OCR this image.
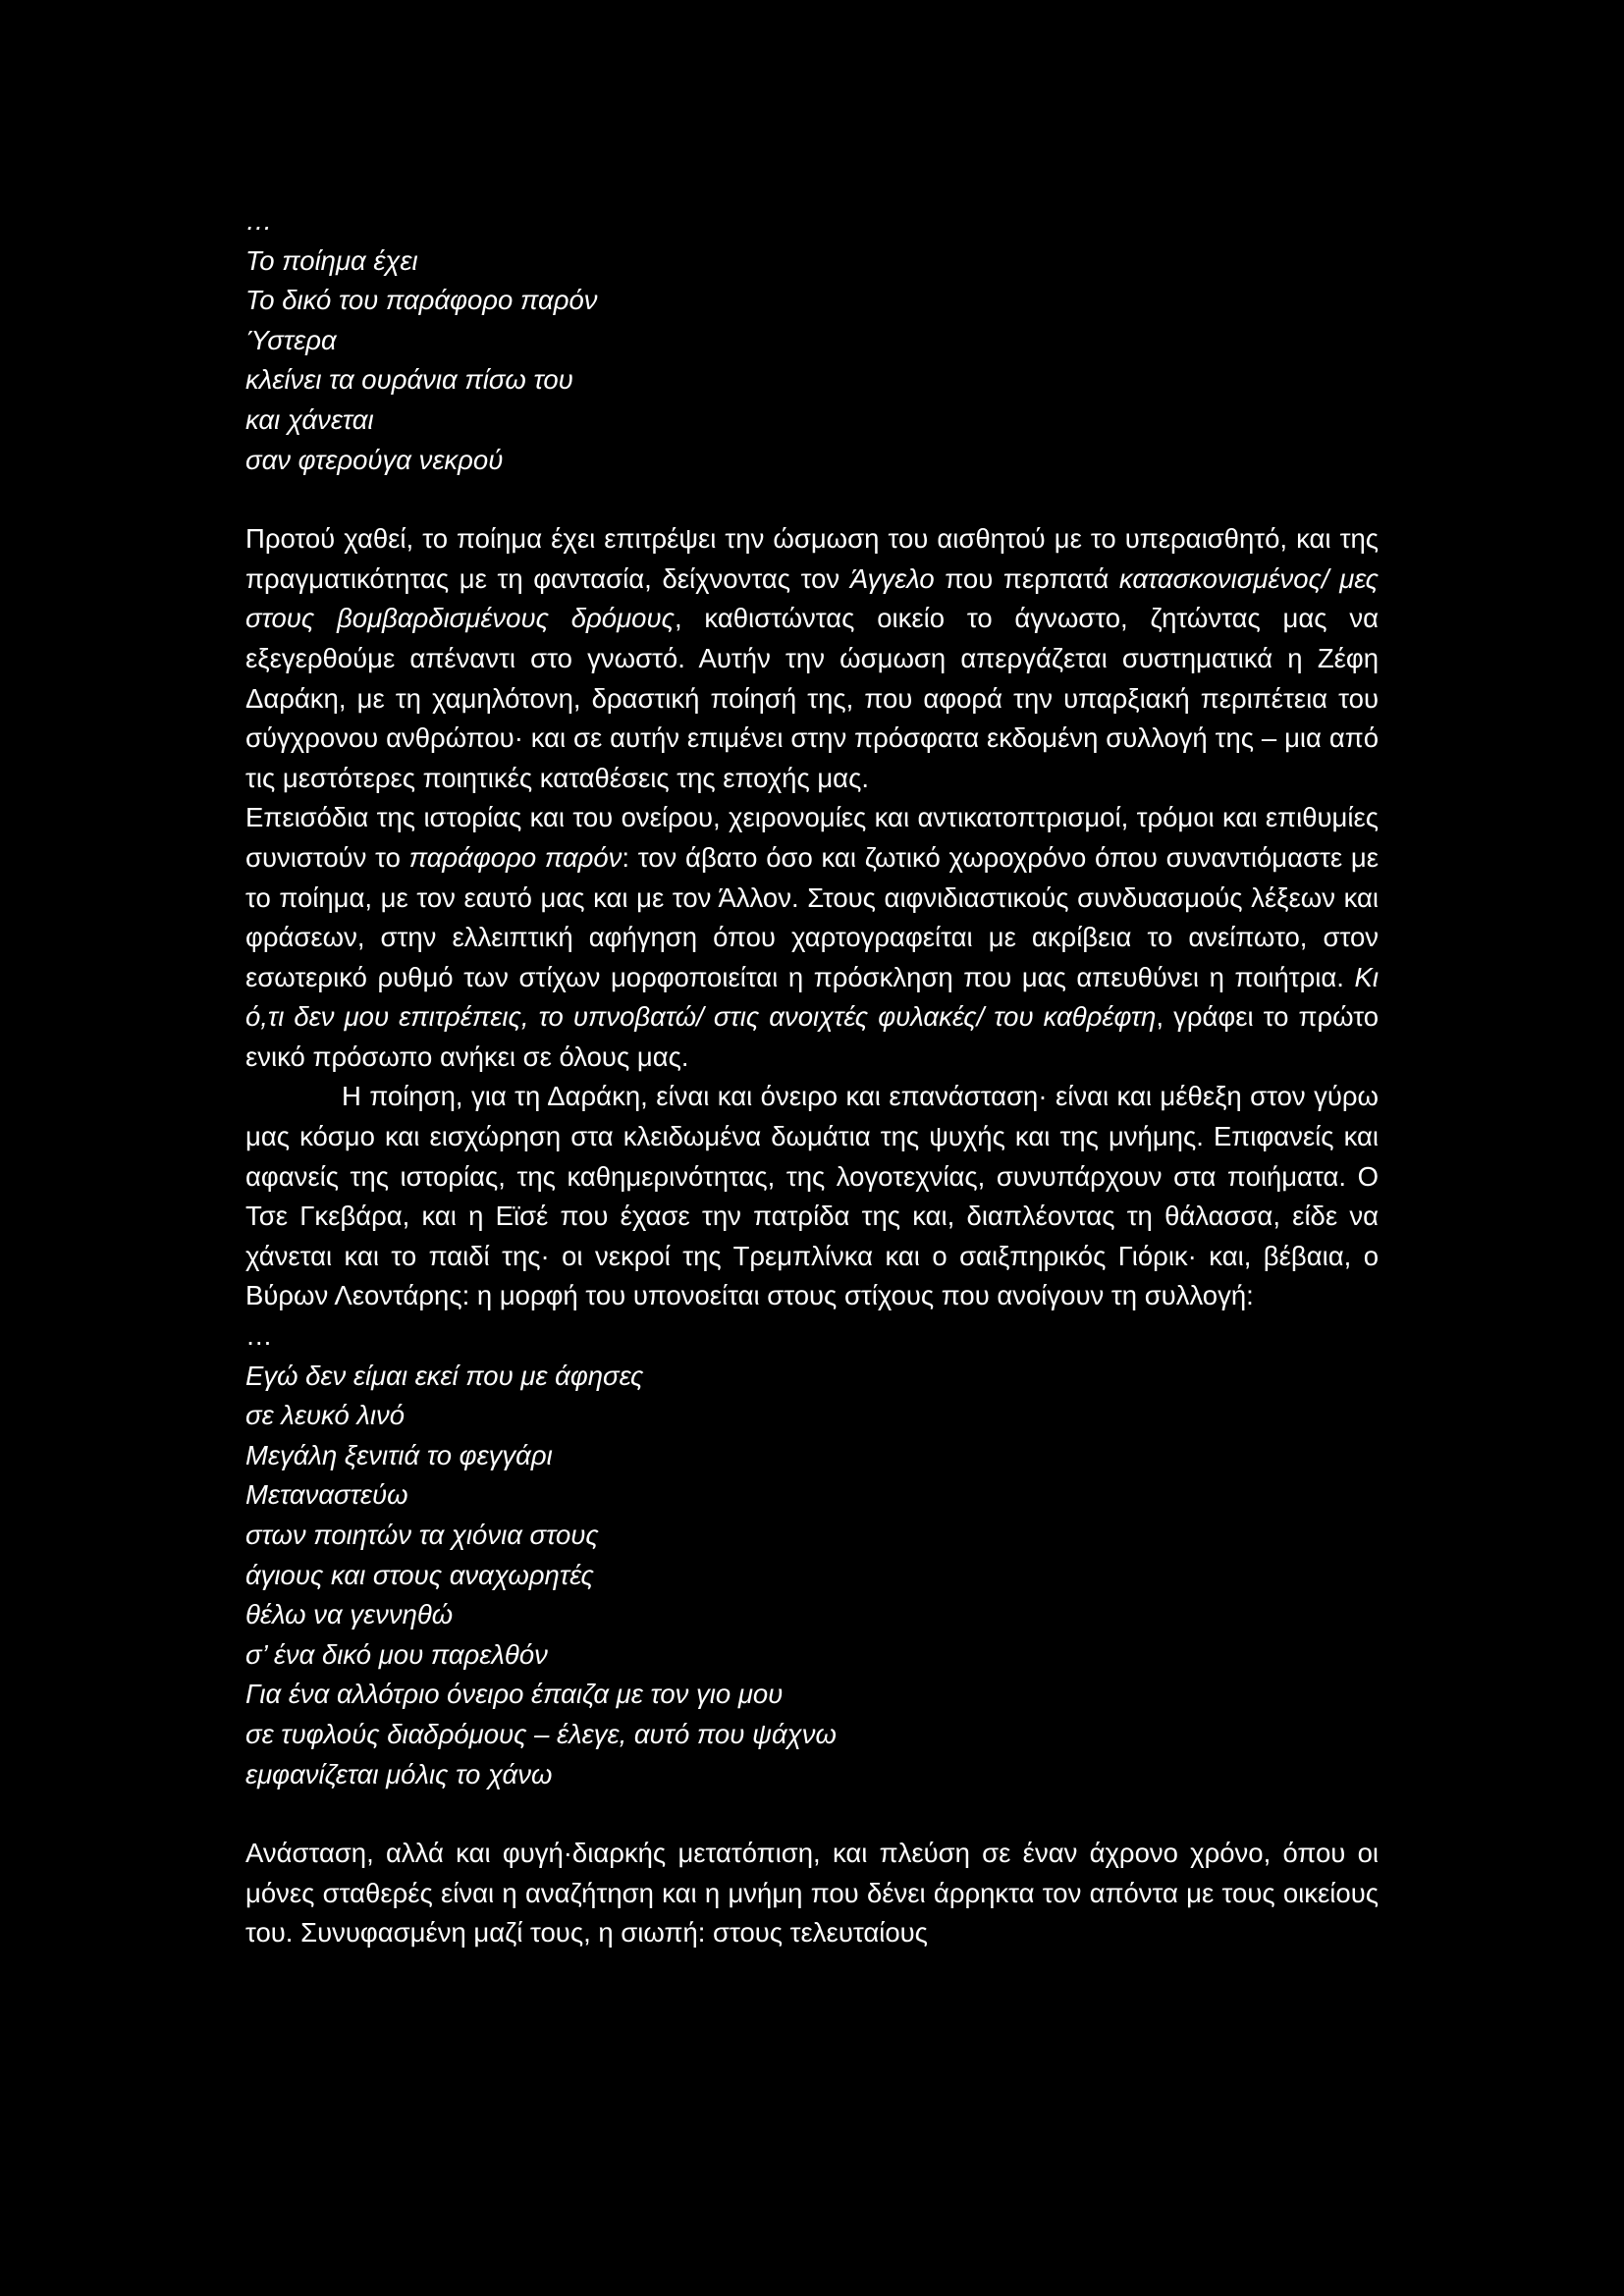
…
Το ποίημα έχει
Το δικό του παράφορο παρόν
Ύστερα
κλείνει τα ουράνια πίσω του
και χάνεται
σαν φτερούγα νεκρού

Προτού χαθεί, το ποίημα έχει επιτρέψει την ώσμωση του αισθητού με το υπεραισθητό, και της πραγματικότητας με τη φαντασία, δείχνοντας τον Άγγελο που περπατά κατασκονισμένος/ μες στους βομβαρδισμένους δρόμους, καθιστώντας οικείο το άγνωστο, ζητώντας μας να εξεγερθούμε απέναντι στο γνωστό. Αυτήν την ώσμωση απεργάζεται συστηματικά η Ζέφη Δαράκη, με τη χαμηλότονη, δραστική ποίησή της, που αφορά την υπαρξιακή περιπέτεια του σύγχρονου ανθρώπου· και σε αυτήν επιμένει στην πρόσφατα εκδομένη συλλογή της – μια από τις μεστότερες ποιητικές καταθέσεις της εποχής μας.

Επεισόδια της ιστορίας και του ονείρου, χειρονομίες και αντικατοπτρισμοί, τρόμοι και επιθυμίες συνιστούν το παράφορο παρόν: τον άβατο όσο και ζωτικό χωροχρόνο όπου συναντιόμαστε με το ποίημα, με τον εαυτό μας και με τον Άλλον. Στους αιφνιδιαστικούς συνδυασμούς λέξεων και φράσεων, στην ελλειπτική αφήγηση όπου χαρτογραφείται με ακρίβεια το ανείπωτο, στον εσωτερικό ρυθμό των στίχων μορφοποιείται η πρόσκληση που μας απευθύνει η ποιήτρια. Κι ό,τι δεν μου επιτρέπεις, το υπνοβατώ/ στις ανοιχτές φυλακές/ του καθρέφτη, γράφει το πρώτο ενικό πρόσωπο ανήκει σε όλους μας.

Η ποίηση, για τη Δαράκη, είναι και όνειρο και επανάσταση· είναι και μέθεξη στον γύρω μας κόσμο και εισχώρηση στα κλειδωμένα δωμάτια της ψυχής και της μνήμης. Επιφανείς και αφανείς της ιστορίας, της καθημερινότητας, της λογοτεχνίας, συνυπάρχουν στα ποιήματα. Ο Τσε Γκεβάρα, και η Εϊσέ που έχασε την πατρίδα της και, διαπλέοντας τη θάλασσα, είδε να χάνεται και το παιδί της· οι νεκροί της Τρεμπλίνκα και ο σαιξπηρικός Γιόρικ· και, βέβαια, ο Βύρων Λεοντάρης: η μορφή του υπονοείται στους στίχους που ανοίγουν τη συλλογή:

…
Εγώ δεν είμαι εκεί που με άφησες
σε λευκό λινό
Μεγάλη ξενιτιά το φεγγάρι
Μεταναστεύω
στων ποιητών τα χιόνια στους
άγιους και στους αναχωρητές
θέλω να γεννηθώ
σ’ ένα δικό μου παρελθόν
Για ένα αλλότριο όνειρο έπαιζα με τον γιο μου
σε τυφλούς διαδρόμους – έλεγε, αυτό που ψάχνω
εμφανίζεται μόλις το χάνω

Ανάσταση, αλλά και φυγή·διαρκής μετατόπιση, και πλεύση σε έναν άχρονο χρόνο, όπου οι μόνες σταθερές είναι η αναζήτηση και η μνήμη που δένει άρρηκτα τον απόντα με τους οικείους του. Συνυφασμένη μαζί τους, η σιωπή: στους τελευταίους
